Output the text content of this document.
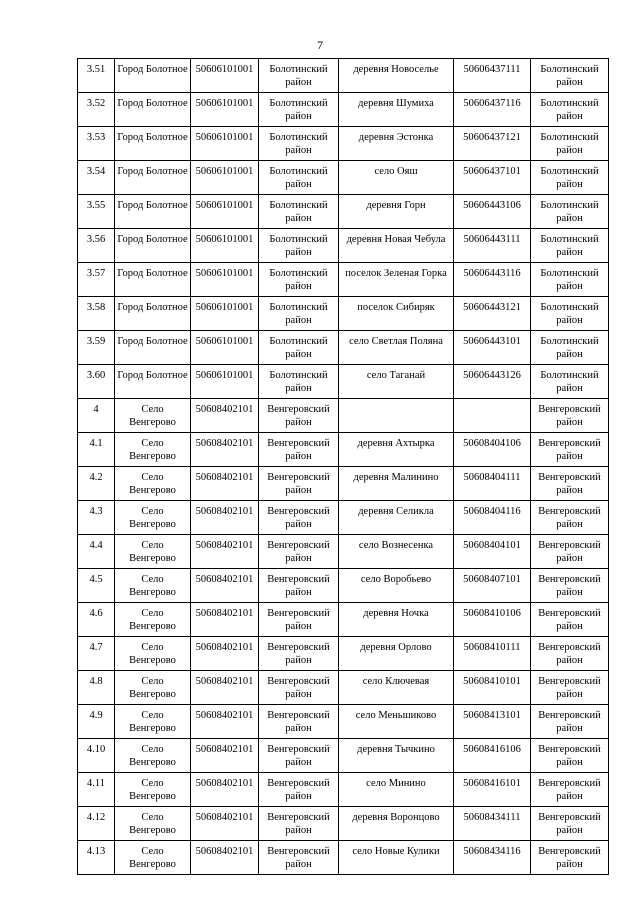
7
3.51	Город Болотное	50606101001	Болотинский район	деревня Новоселье	50606437111	Болотинский район
3.52	Город Болотное	50606101001	Болотинский район	деревня Шумиха	50606437116	Болотинский район
3.53	Город Болотное	50606101001	Болотинский район	деревня Эстонка	50606437121	Болотинский район
3.54	Город Болотное	50606101001	Болотинский район	село Ояш	50606437101	Болотинский район
3.55	Город Болотное	50606101001	Болотинский район	деревня Горн	50606443106	Болотинский район
3.56	Город Болотное	50606101001	Болотинский район	деревня Новая Чебула	50606443111	Болотинский район
3.57	Город Болотное	50606101001	Болотинский район	поселок Зеленая Горка	50606443116	Болотинский район
3.58	Город Болотное	50606101001	Болотинский район	поселок Сибиряк	50606443121	Болотинский район
3.59	Город Болотное	50606101001	Болотинский район	село Светлая Поляна	50606443101	Болотинский район
3.60	Город Болотное	50606101001	Болотинский район	село Таганай	50606443126	Болотинский район
4	Село Венгерово	50608402101	Венгеровский район			Венгеровский район
4.1	Село Венгерово	50608402101	Венгеровский район	деревня Ахтырка	50608404106	Венгеровский район
4.2	Село Венгерово	50608402101	Венгеровский район	деревня Малинино	50608404111	Венгеровский район
4.3	Село Венгерово	50608402101	Венгеровский район	деревня Селикла	50608404116	Венгеровский район
4.4	Село Венгерово	50608402101	Венгеровский район	село Вознесенка	50608404101	Венгеровский район
4.5	Село Венгерово	50608402101	Венгеровский район	село Воробьево	50608407101	Венгеровский район
4.6	Село Венгерово	50608402101	Венгеровский район	деревня Ночка	50608410106	Венгеровский район
4.7	Село Венгерово	50608402101	Венгеровский район	деревня Орлово	50608410111	Венгеровский район
4.8	Село Венгерово	50608402101	Венгеровский район	село Ключевая	50608410101	Венгеровский район
4.9	Село Венгерово	50608402101	Венгеровский район	село Меньшиково	50608413101	Венгеровский район
4.10	Село Венгерово	50608402101	Венгеровский район	деревня Тычкино	50608416106	Венгеровский район
4.11	Село Венгерово	50608402101	Венгеровский район	село Минино	50608416101	Венгеровский район
4.12	Село Венгерово	50608402101	Венгеровский район	деревня Воронцово	50608434111	Венгеровский район
4.13	Село Венгерово	50608402101	Венгеровский район	село Новые Кулики	50608434116	Венгеровский район
